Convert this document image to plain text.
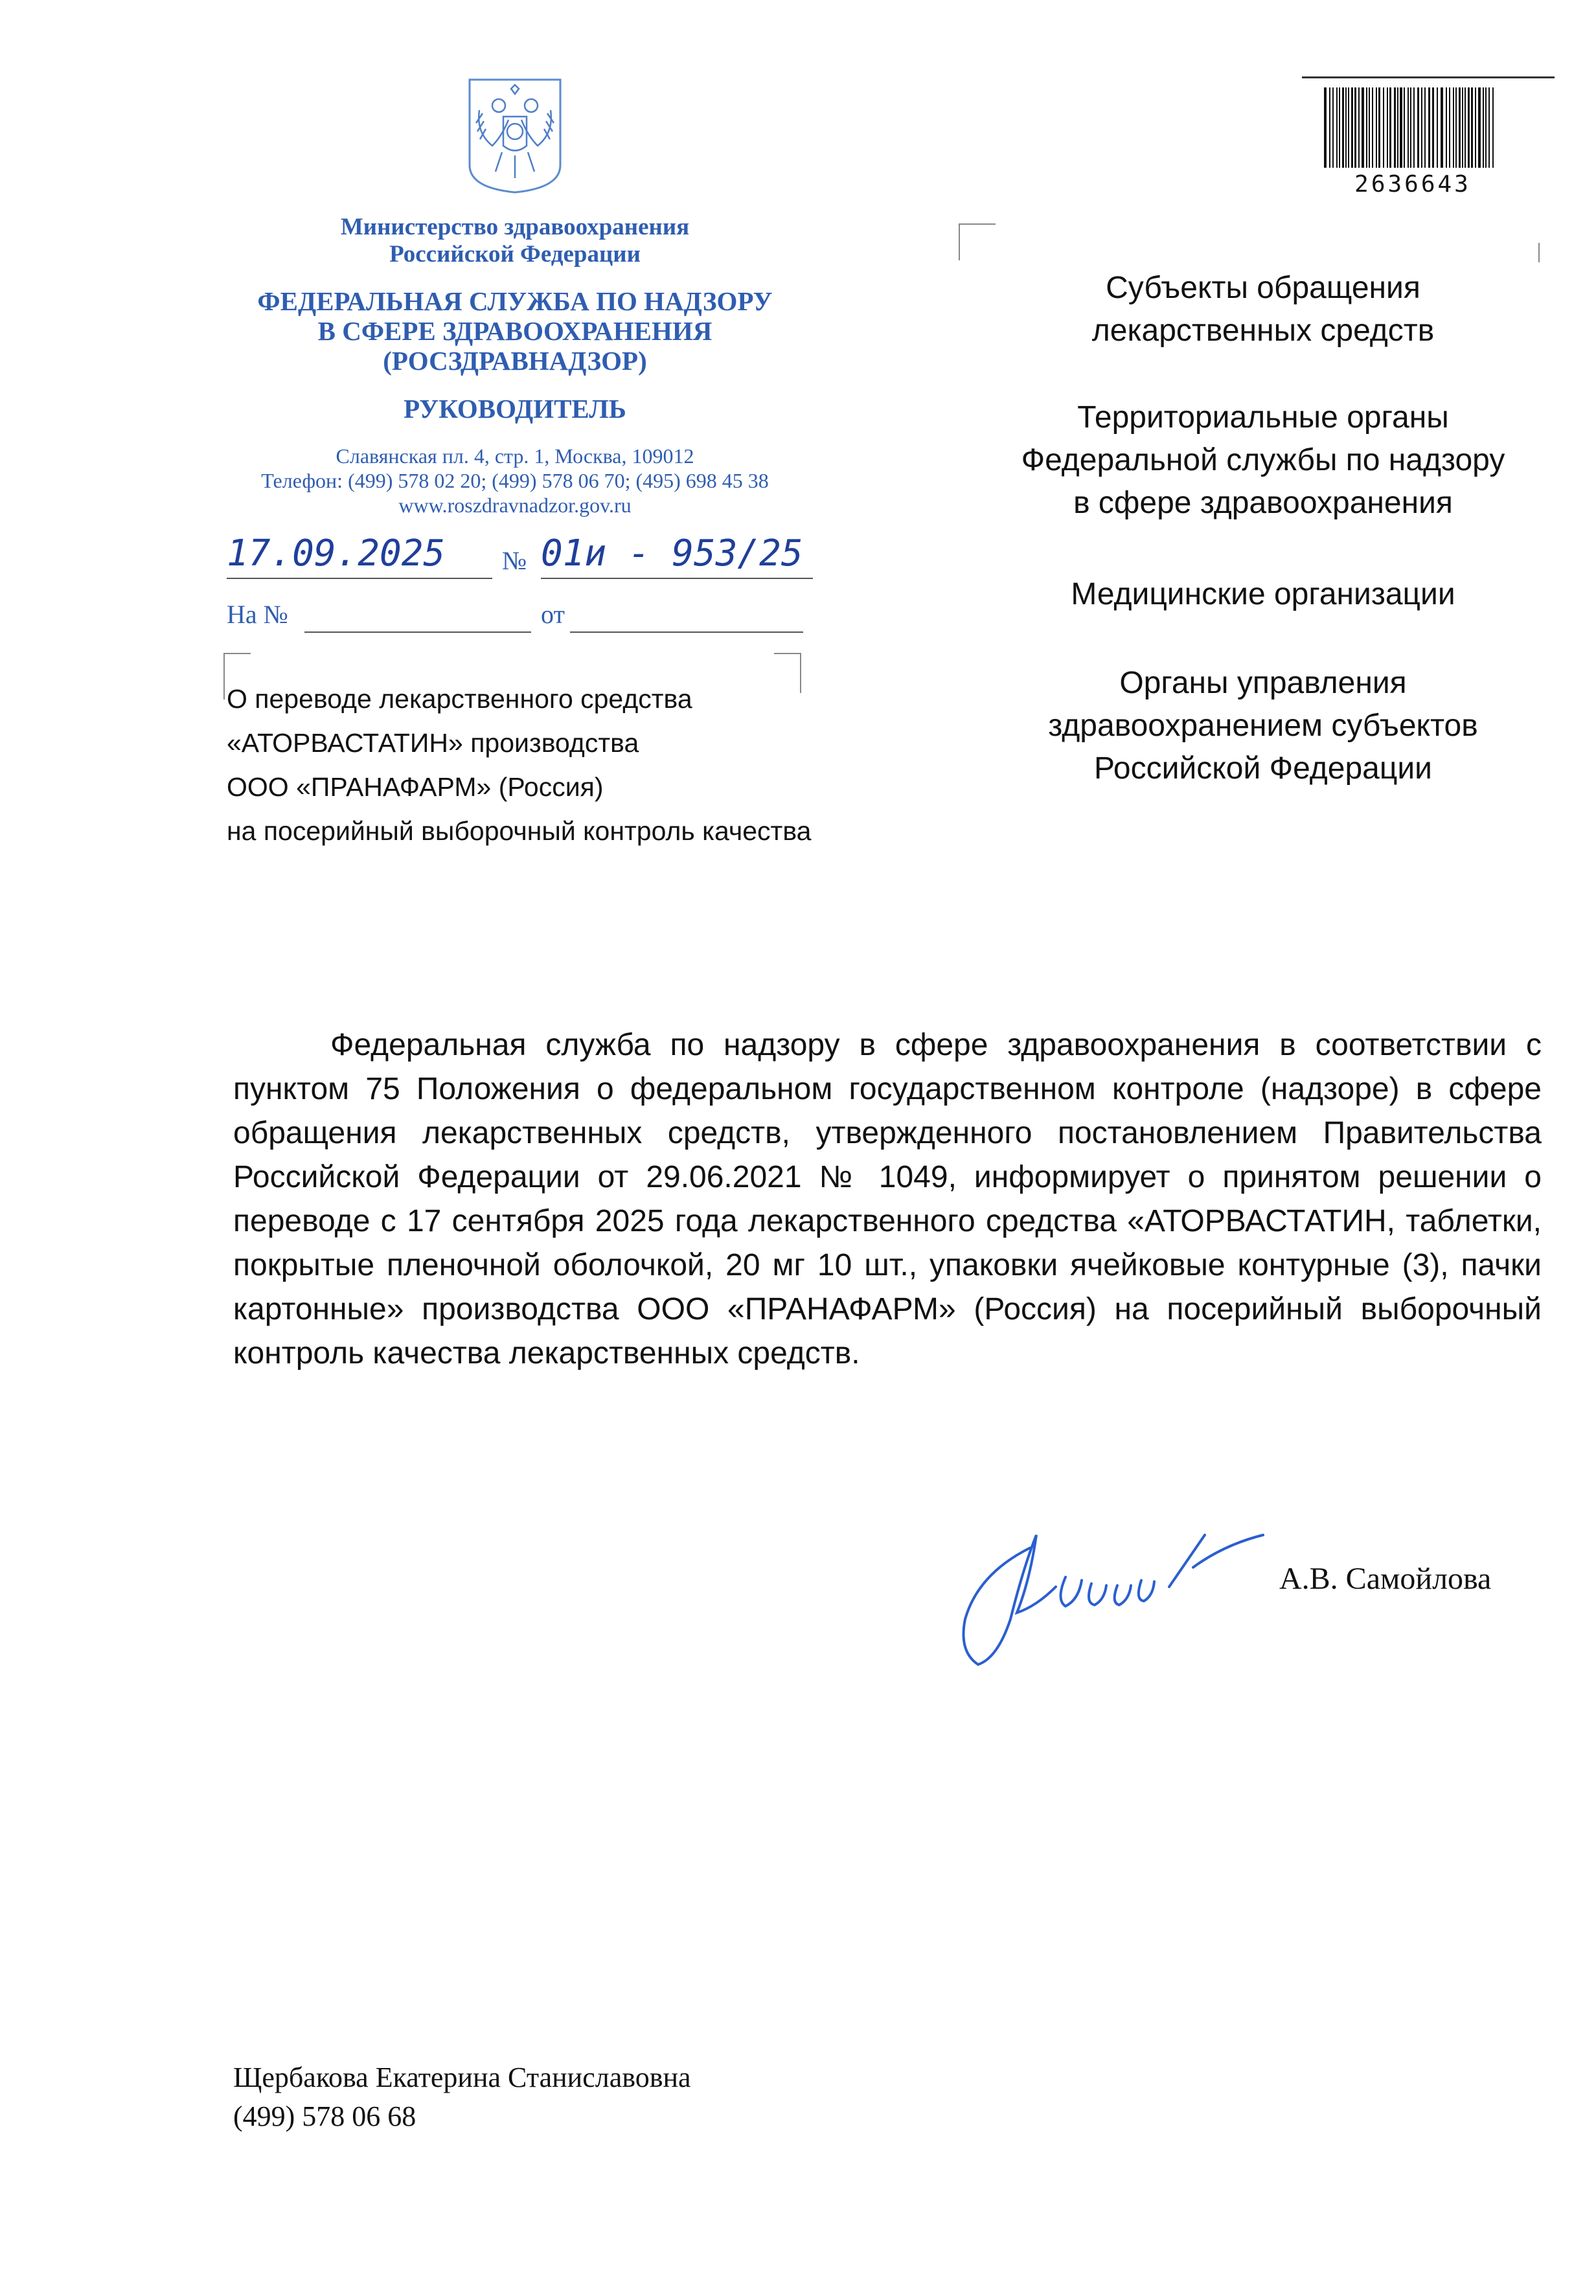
Министерство здравоохранения
Российской Федерации
ФЕДЕРАЛЬНАЯ СЛУЖБА ПО НАДЗОРУ
В СФЕРЕ ЗДРАВООХРАНЕНИЯ
(РОСЗДРАВНАДЗОР)
РУКОВОДИТЕЛЬ
Славянская пл. 4, стр. 1, Москва, 109012
Телефон: (499) 578 02 20; (499) 578 06 70; (495) 698 45 38
www.roszdravnadzor.gov.ru
17.09.2025 № 01и - 953/25
На №	от
О переводе лекарственного средства
«АТОРВАСТАТИН» производства
ООО «ПРАНАФАРМ» (Россия)
на посерийный выборочный контроль качества
2636643
Субъекты обращения
лекарственных средств
Территориальные органы
Федеральной службы по надзору
в сфере здравоохранения
Медицинские организации
Органы управления
здравоохранением субъектов
Российской Федерации
Федеральная служба по надзору в сфере здравоохранения в соответствии с пунктом 75 Положения о федеральном государственном контроле (надзоре) в сфере обращения лекарственных средств, утвержденного постановлением Правительства Российской Федерации от 29.06.2021 № 1049, информирует о принятом решении о переводе с 17 сентября 2025 года лекарственного средства «АТОРВАСТАТИН, таблетки, покрытые пленочной оболочкой, 20 мг 10 шт., упаковки ячейковые контурные (3), пачки картонные» производства ООО «ПРАНАФАРМ» (Россия) на посерийный выборочный контроль качества лекарственных средств.
А.В. Самойлова
Щербакова Екатерина Станиславовна
(499) 578 06 68
